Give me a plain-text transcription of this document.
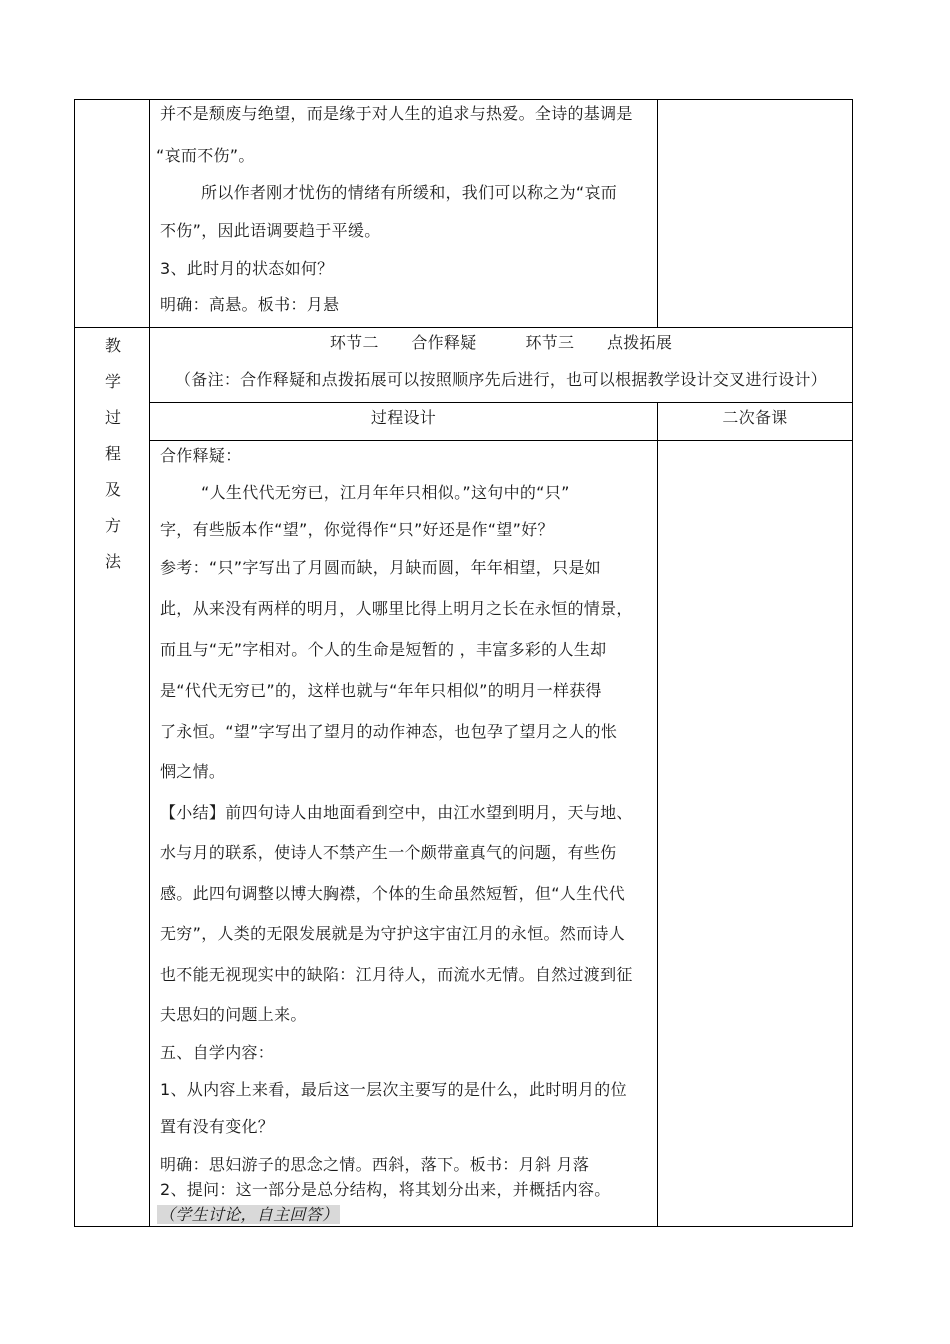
并不是颓废与绝望，而是缘于对人生的追求与热爱。全诗的基调是
“哀而不伤”。
所以作者刚才忧伤的情绪有所缓和，我们可以称之为“哀而
不伤”，因此语调要趋于平缓。
3、此时月的状态如何？
明确：高悬。板书：月悬
环节二　　合作释疑　　　环节三　　点拨拓展
（备注：合作释疑和点拨拓展可以按照顺序先后进行，也可以根据教学设计交叉进行设计）
教
学
过
程
及
方
法
过程设计	二次备课
合作释疑：
“人生代代无穷已，江月年年只相似。”这句中的“只”
字，有些版本作“望”，你觉得作“只”好还是作“望”好？
参考：“只”字写出了月圆而缺，月缺而圆，年年相望，只是如
此，从来没有两样的明月，人哪里比得上明月之长在永恒的情景，
而且与“无”字相对。个人的生命是短暂的 ，丰富多彩的人生却
是“代代无穷已”的，这样也就与“年年只相似”的明月一样获得
了永恒。“望”字写出了望月的动作神态，也包孕了望月之人的怅
惘之情。
【小结】前四句诗人由地面看到空中，由江水望到明月，天与地、
水与月的联系，使诗人不禁产生一个颇带童真气的问题，有些伤
感。此四句调整以博大胸襟，个体的生命虽然短暂，但“人生代代
无穷”，人类的无限发展就是为守护这宇宙江月的永恒。然而诗人
也不能无视现实中的缺陷：江月待人，而流水无情。自然过渡到征
夫思妇的问题上来。
五、自学内容：
1、从内容上来看，最后这一层次主要写的是什么，此时明月的位
置有没有变化？
明确：思妇游子的思念之情。西斜，落下。板书：月斜 月落
2、提问：这一部分是总分结构，将其划分出来，并概括内容。
（学生讨论，自主回答）
